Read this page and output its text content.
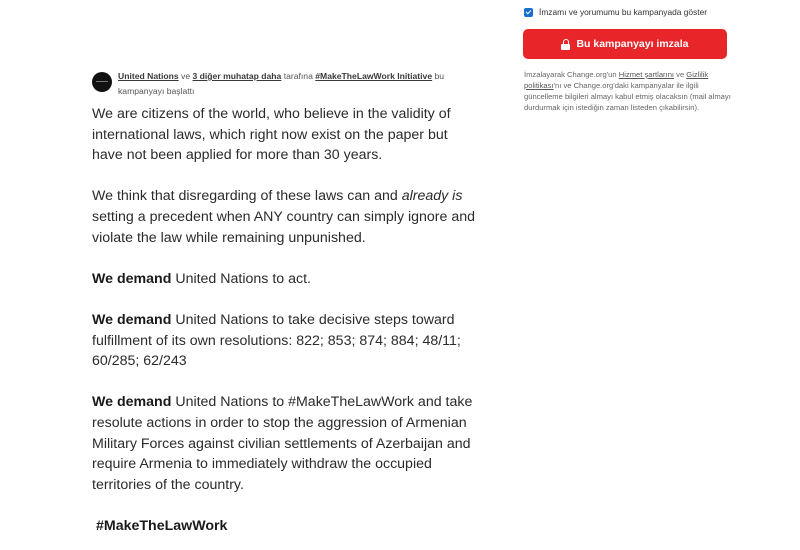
İmzamı ve yorumumu bu kampanyada göster
Bu kampanyayı imzala
İmzalayarak Change.org'un Hizmet şartlarını ve Gizlilik politikası'nı ve Change.org'daki kampanyalar ile ilgili güncelleme bilgileri almayı kabul etmiş olacaksın (mail almayı durdurmak için istediğin zaman listeden çıkabilirsin).
United Nations ve 3 diğer muhatap daha tarafına #MakeTheLawWork Initiative bu kampanyayı başlattı

We are citizens of the world, who believe in the validity of international laws, which right now exist on the paper but have not been applied for more than 30 years.

We think that disregarding of these laws can and already is setting a precedent when ANY country can simply ignore and violate the law while remaining unpunished.

We demand United Nations to act.

We demand United Nations to take decisive steps toward fulfillment of its own resolutions: 822; 853; 874; 884; 48/11; 60/285; 62/243

We demand United Nations to #MakeTheLawWork and take resolute actions in order to stop the aggression of Armenian Military Forces against civilian settlements of Azerbaijan and require Armenia to immediately withdraw the occupied territories of the country.

#MakeTheLawWork
